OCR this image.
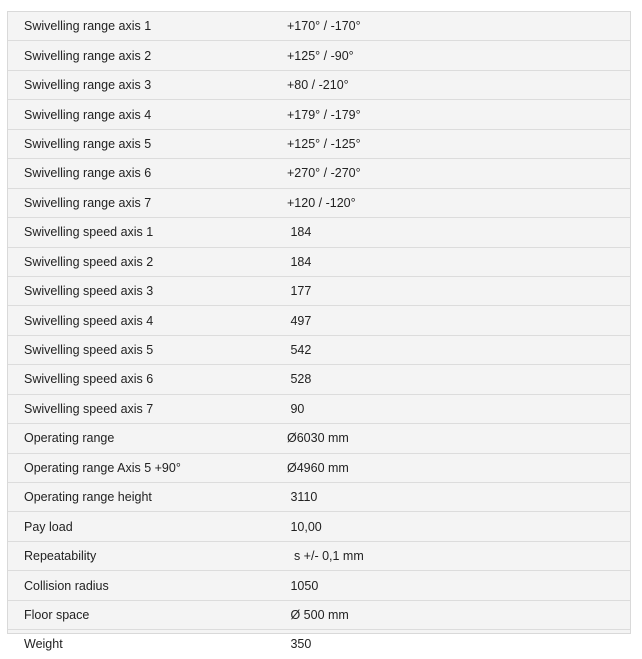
Swivelling range axis 1	+170° / -170°
Swivelling range axis 2	+125° / -90°
Swivelling range axis 3	+80 / -210°
Swivelling range axis 4	+179° / -179°
Swivelling range axis 5	+125° / -125°
Swivelling range axis 6	+270° / -270°
Swivelling range axis 7	+120 / -120°
Swivelling speed axis 1	184
Swivelling speed axis 2	184
Swivelling speed axis 3	177
Swivelling speed axis 4	497
Swivelling speed axis 5	542
Swivelling speed axis 6	528
Swivelling speed axis 7	90
Operating range	Ø6030 mm
Operating range Axis 5 +90°	Ø4960 mm
Operating range height	3110
Pay load	10,00
Repeatability	s +/- 0,1 mm
Collision radius	1050
Floor space	Ø 500 mm
Weight	350
